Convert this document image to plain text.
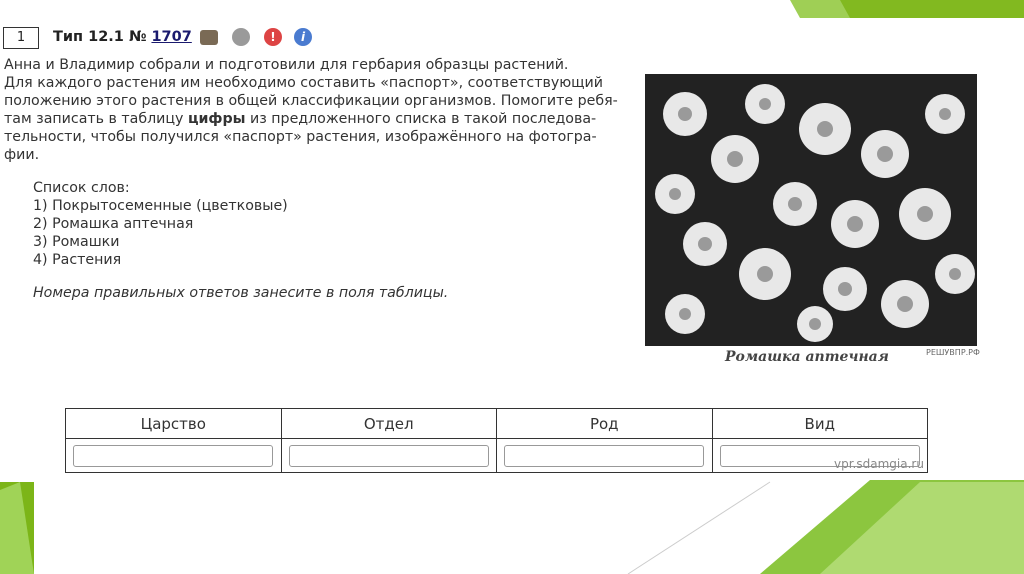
1	Тип 12.1 № 1707	!	i
Анна и Владимир собрали и подготовили для гербария образцы растений.
Для каждого растения им необходимо составить «паспорт», соответствующий
положению этого растения в общей классификации организмов. Помогите ребя-
там записать в таблицу цифры из предложенного списка в такой последова-
тельности, чтобы получился «паспорт» растения, изображённого на фотогра-
фии.
Список слов:
1) Покрытосеменные (цветковые)
2) Ромашка аптечная
3) Ромашки
4) Растения
Номера правильных ответов занесите в поля таблицы.
Ромашка аптечная	РЕШУВПР.РФ
Царство	Отдел	Род	Вид

vpr.sdamgia.ru
